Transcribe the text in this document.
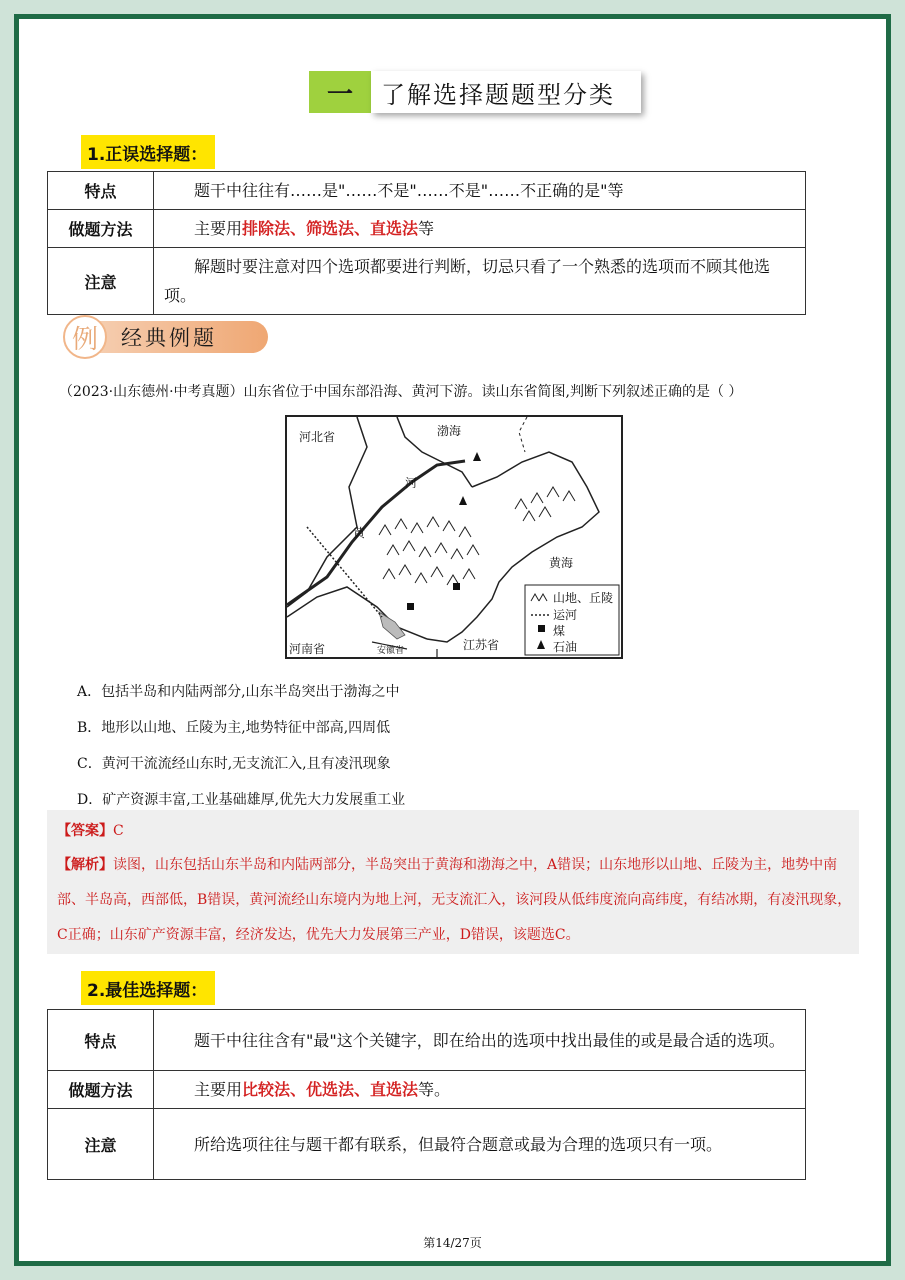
一	了解选择题题型分类
1.正误选择题：
特点	题干中往往有……是"……不是"……不是"……不正确的是"等
做题方法	主要用排除法、筛选法、直选法等
注意	解题时要注意对四个选项都要进行判断，切忌只看了一个熟悉的选项而不顾其他选项。
例	经典例题
（2023·山东德州·中考真题）山东省位于中国东部沿海、黄河下游。读山东省简图,判断下列叙述正确的是（ ）
河北省	渤海
河
黄
黄海
河南省	安徽省	江苏省
山地、丘陵
运河
煤
石油
A．包括半岛和内陆两部分,山东半岛突出于渤海之中
B．地形以山地、丘陵为主,地势特征中部高,四周低
C．黄河干流流经山东时,无支流汇入,且有凌汛现象
D．矿产资源丰富,工业基础雄厚,优先大力发展重工业
【答案】C
【解析】读图，山东包括山东半岛和内陆两部分，半岛突出于黄海和渤海之中，A错误；山东地形以山地、丘陵为主，地势中南部、半岛高，西部低，B错误，黄河流经山东境内为地上河，无支流汇入，该河段从低纬度流向高纬度，有结冰期，有凌汛现象，C正确；山东矿产资源丰富，经济发达，优先大力发展第三产业，D错误，该题选C。
2.最佳选择题：
特点	题干中往往含有"最"这个关键字，即在给出的选项中找出最佳的或是最合适的选项。
做题方法	主要用比较法、优选法、直选法等。
注意	所给选项往往与题干都有联系，但最符合题意或最为合理的选项只有一项。
第14/27页
